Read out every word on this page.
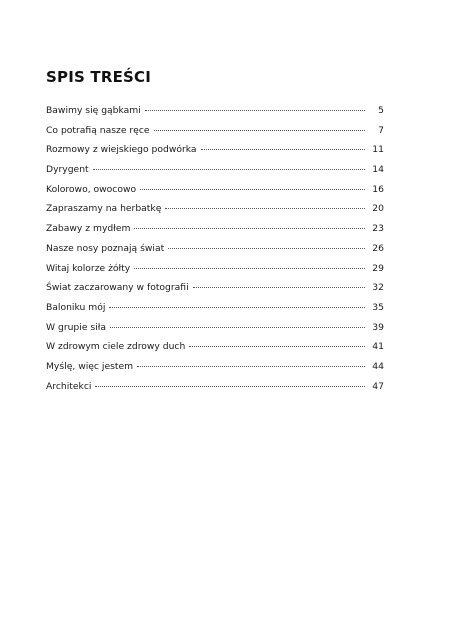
SPIS TREŚCI
Bawimy się gąbkami	5
Co potrafią nasze ręce	7
Rozmowy z wiejskiego podwórka	11
Dyrygent	14
Kolorowo, owocowo	16
Zapraszamy na herbatkę	20
Zabawy z mydłem	23
Nasze nosy poznają świat	26
Witaj kolorze żółty	29
Świat zaczarowany w fotografii	32
Baloniku mój	35
W grupie siła	39
W zdrowym ciele zdrowy duch	41
Myślę, więc jestem	44
Architekci	47
